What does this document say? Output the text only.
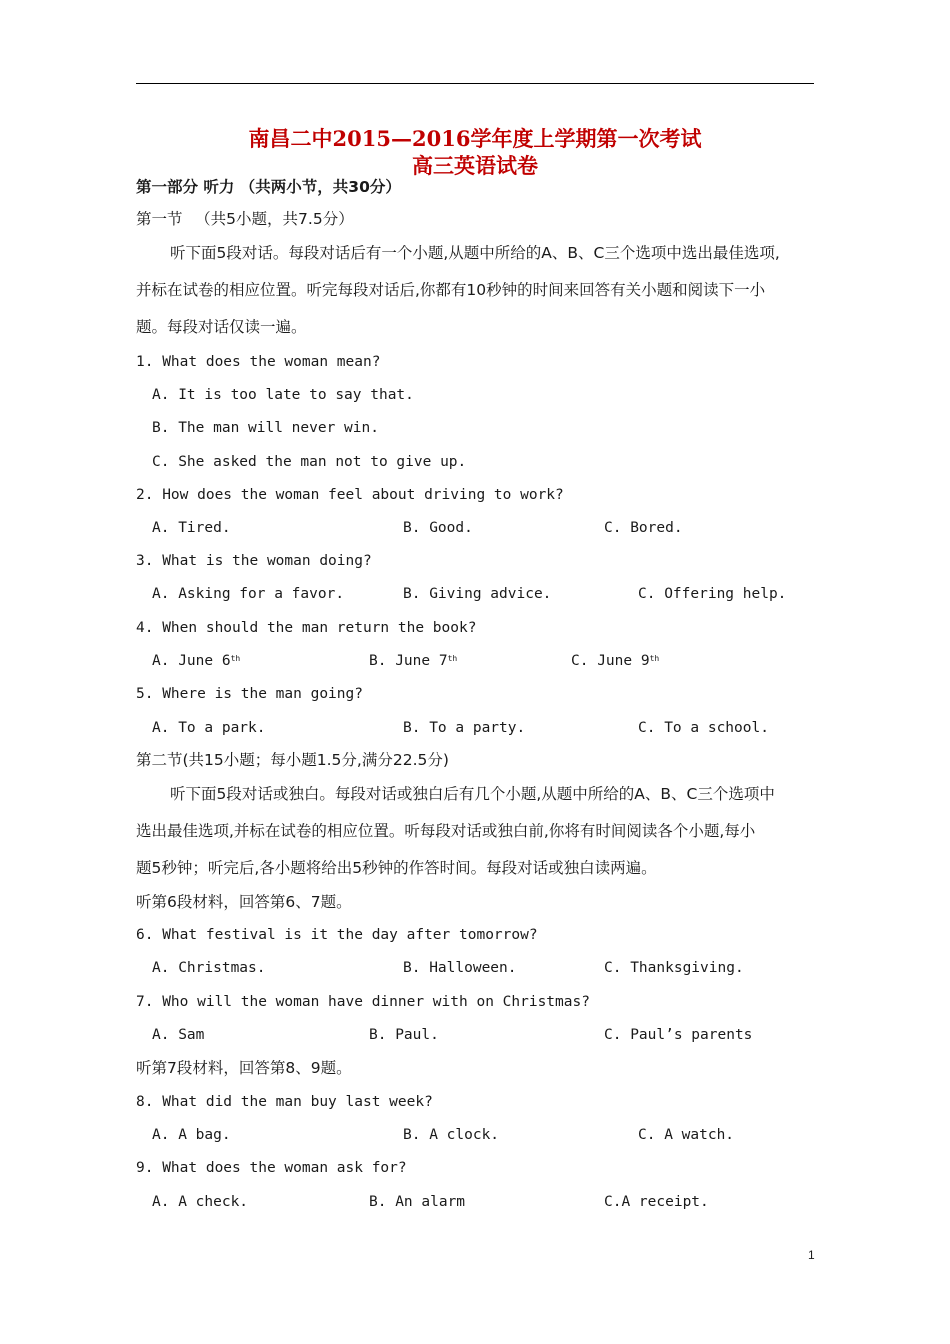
南昌二中2015—2016学年度上学期第一次考试
高三英语试卷
第一部分 听力 （共两小节，共30分）
第一节 　（共5小题，共7.5分）
听下面5段对话。每段对话后有一个小题,从题中所给的A、B、C三个选项中选出最佳选项,
并标在试卷的相应位置。听完每段对话后,你都有10秒钟的时间来回答有关小题和阅读下一小
题。每段对话仅读一遍。
1. What does the woman mean?
A. It is too late to say that.
B. The man will never win.
C. She asked the man not to give up.
2. How does the woman feel about driving to work?
A. Tired.	B. Good.	C. Bored.
3. What is the woman doing?
A. Asking for a favor.	B. Giving advice.	C. Offering help.
4. When should the man return the book?
A. June 6th	B. June 7th	C. June 9th
5. Where is the man going?
A. To a park.	B. To a party.	C. To a school.
第二节(共15小题；每小题1.5分,满分22.5分)
听下面5段对话或独白。每段对话或独白后有几个小题,从题中所给的A、B、C三个选项中
选出最佳选项,并标在试卷的相应位置。听每段对话或独白前,你将有时间阅读各个小题,每小
题5秒钟；听完后,各小题将给出5秒钟的作答时间。每段对话或独白读两遍。
听第6段材料，回答第6、7题。
6. What festival is it the day after tomorrow?
A. Christmas.	B. Halloween.	C. Thanksgiving.
7. Who will the woman have dinner with on Christmas?
A. Sam	B. Paul.	C. Paul’s parents
听第7段材料，回答第8、9题。
8. What did the man buy last week?
A. A bag.	B. A clock.	C. A watch.
9. What does the woman ask for?
A. A check.	B. An alarm	C.A receipt.
1
